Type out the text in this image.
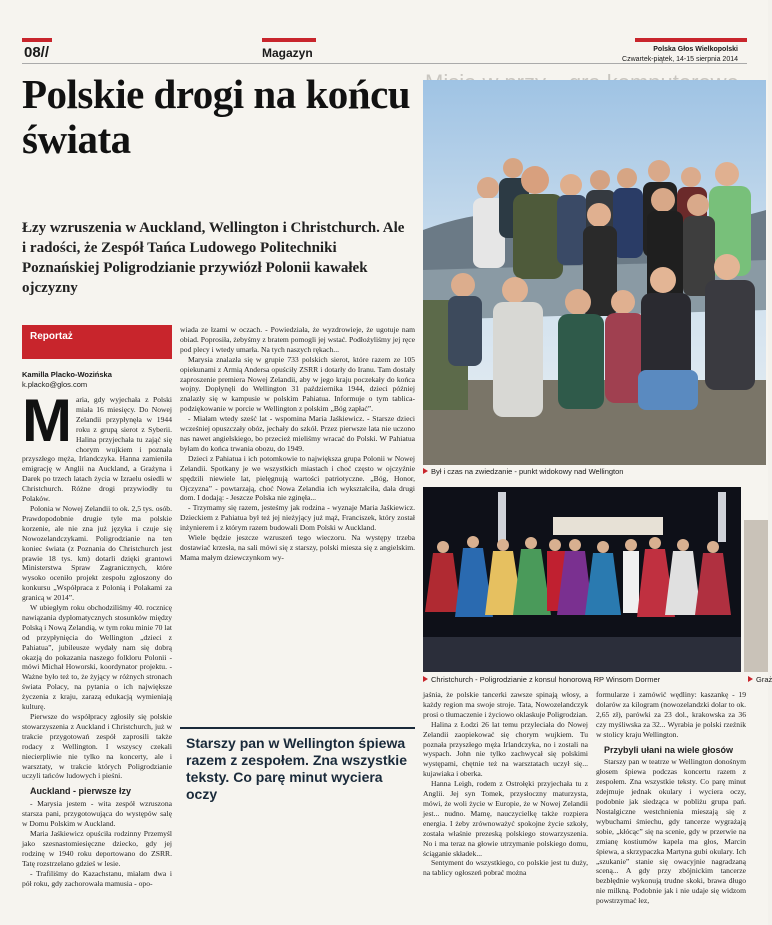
08//	Magazyn	Polska Głos Wielkopolski
Czwartek-piątek, 14-15 sierpnia 2014
Polskie drogi na końcu świata
Łzy wzruszenia w Auckland, Wellington i Christchurch. Ale i radości, że Zespół Tańca Ludowego Politechniki Poznańskiej Poligrodzianie przywiózł Polonii kawałek ojczyzny
Reportaż
Kamilla Placko-Wozińska
k.placko@glos.com

Maria, gdy wyjechała z Polski miała 16 miesięcy. Do Nowej Zelandii przypłynęła w 1944 roku z grupą sierot z Syberii. Halina przyjechała tu zająć się chorym wujkiem i poznała przyszłego męża, Irlandczyka. Hanna zamieniła emigrację w Anglii na Auckland, a Grażyna i Darek po trzech latach życia w Izraelu osiedli w Christchurch. Różne drogi przywiodły tu Polaków.

Polonia w Nowej Zelandii to ok. 2,5 tys. osób. Prawdopodobnie drugie tyle ma polskie korzenie, ale nie zna już języka i czuje się Nowozelandczykami. Poligrodzianie na ten koniec świata (z Poznania do Christchurch jest prawie 18 tys. km) dotarli dzięki grantowi Ministerstwa Spraw Zagranicznych, które wysoko oceniło projekt zespołu zgłoszony do konkursu „Współpraca z Polonią i Polakami za granicą w 2014”.

W ubiegłym roku obchodziliśmy 40. rocznicę nawiązania dyplomatycznych stosunków między Polską i Nową Zelandią, w tym roku minie 70 lat od przypłynięcia do Wellington „dzieci z Pahiatua”, jubileusze wydały nam się dobrą okazją do pokazania naszego folkloru Polonii - mówi Michał Howorski, koordynator projektu. - Ważne było też to, że żyjący w różnych stronach świata Polacy, na pytania o ich największe życzenia z kraju, zarazą edukacją wymieniają kulturę.

Pierwsze do współpracy zgłosiły się polskie stowarzyszenia z Auckland i Christchurch, już w trakcie przygotowań zespół zaprosili także rodacy z Wellington. I wszyscy czekali niecierpliwie nie tylko na koncerty, ale i warsztaty, w trakcie których Poligrodzianie uczyli tańców ludowych i pieśni.

Auckland - pierwsze łzy

- Marysia jestem - wita zespół wzruszona starsza pani, przygotowująca do występów salę w Domu Polskim w Auckland.

Maria Jaśkiewicz opuściła rodzinny Przemyśl jako szesnastomiesięczne dziecko, gdy jej rodzinę w 1940 roku deportowano do ZSRR. Tatę rozstrzelano gdzieś w lesie.

- Trafiliśmy do Kazachstanu, miałam dwa i pół roku, gdy zachorowała mamusia - opo-

wiada ze łzami w oczach. - Powiedziała, że wyzdrowieje, że ugotuje nam obiad. Poprosiła, żebyśmy z bratem pomogli jej wstać. Podłożyliśmy jej ręce pod plecy i wtedy umarła. Na tych naszych rękach...

Marysia znalazła się w grupie 733 polskich sierot, które razem ze 105 opiekunami z Armią Andersa opuściły ZSRR i dotarły do Iranu. Tam dostały zaproszenie premiera Nowej Zelandii, aby w jego kraju poczekały do końca wojny. Dopłynęli do Wellington 31 października 1944, dzieci później znalazły się w kampusie w polskim Pahiatua. Informuje o tym tablica-podziękowanie w porcie w Wellington z polskim „Bóg zapłać”.

- Miałam wtedy sześć lat - wspomina Maria Jaśkiewicz. - Starsze dzieci wcześniej opuszczały obóz, jechały do szkół. Przez pierwsze lata nie uczono nas nawet angielskiego, bo przecież mieliśmy wracać do Polski. W Pahiatua byłam do końca trwania obozu, do 1949.

Dzieci z Pahiatua i ich potomkowie to największa grupa Polonii w Nowej Zelandii. Spotkany je we wszystkich miastach i choć często w ojczyźnie spędzili niewiele lat, pielęgnują wartości patriotyczne. „Bóg, Honor, Ojczyzna” - powtarzają, choć Nowa Zelandia ich wykształciła, dała drugi dom. I dodają: - Jeszcze Polska nie zginęła...

- Trzymamy się razem, jesteśmy jak rodzina - wyznaje Maria Jaśkiewicz. Dzieckiem z Pahiatua był też jej nieżyjący już mąż, Franciszek, który został inżynierem i z którym razem budowali Dom Polski w Auckland.

Wiele będzie jeszcze wzruszeń tego wieczoru. Na występy trzeba dostawiać krzesła, na sali mówi się z starszy, polski miesza się z angielskim. Mama małym dziewczynkom wy-

Starszy pan w Wellington śpiewa razem z zespołem. Zna wszystkie teksty. Co parę minut wyciera oczy
Był i czas na zwiedzanie - punkt widokowy nad Wellington
Christchurch - Poligrodzianie z konsul honorową RP Winsom Dormer	Graż

jaśnia, że polskie tancerki zawsze spinają włosy, a każdy region ma swoje stroje. Tata, Nowozelandczyk prosi o tłumaczenie i życiowo oklaskuje Poligrodzian.

Halina z Łodzi 26 lat temu przyleciała do Nowej Zelandii zaopiekować się chorym wujkiem. Tu poznała przyszłego męża Irlandczyka, no i zostali na wyspach. John nie tylko zachwycał się polskimi występami, chętnie też na warsztatach uczył się... kujawiaka i oberka.

Hanna Leigh, rodem z Ostrołęki przyjechała tu z Anglii. Jej syn Tomek, przysłoczny maturzysta, mówi, że woli życie w Europie, że w Nowej Zelandii jest... nudno. Mamę, nauczycielkę także rozpiera energia. I żeby zrównoważyć spokojne życie szkoły, została właśnie prezeską polskiego stowarzyszenia. No i ma teraz na głowie utrzymanie polskiego domu, ściąganie składek...

Sentyment do wszystkiego, co polskie jest tu duży, na tablicy ogłoszeń pobrać można

formularze i zamówić wędliny: kaszankę - 19 dolarów za kilogram (nowozelandzki dolar to ok. 2,65 zł), parówki za 23 dol., krakowska za 36 czy myśliwska za 32... Wyrabia je polski rzeźnik w stolicy kraju Wellington.

Przybyli ułani na wiele głosów

Starszy pan w teatrze w Wellington donośnym głosem śpiewa podczas koncertu razem z zespołem. Zna wszystkie teksty. Co parę minut zdejmuje jednak okulary i wyciera oczy, podobnie jak siedząca w pobliżu grupa pań. Nostalgiczne westchnienia mieszają się z wybuchami śmiechu, gdy tancerze wygrażają sobie, „kłócąc” się na scenie, gdy w przerwie na zmianę kostiumów kapela ma głos, Marcin śpiewa, a skrzypaczka Martyna gubi okulary. Ich „szukanie” stanie się owacyjnie nagradzaną sceną... A gdy przy zbójnickim tancerze bezbłędnie wykonują trudne skoki, brawa długo nie milkną. Podobnie jak i nie udaje się widzom powstrzymać łez,
